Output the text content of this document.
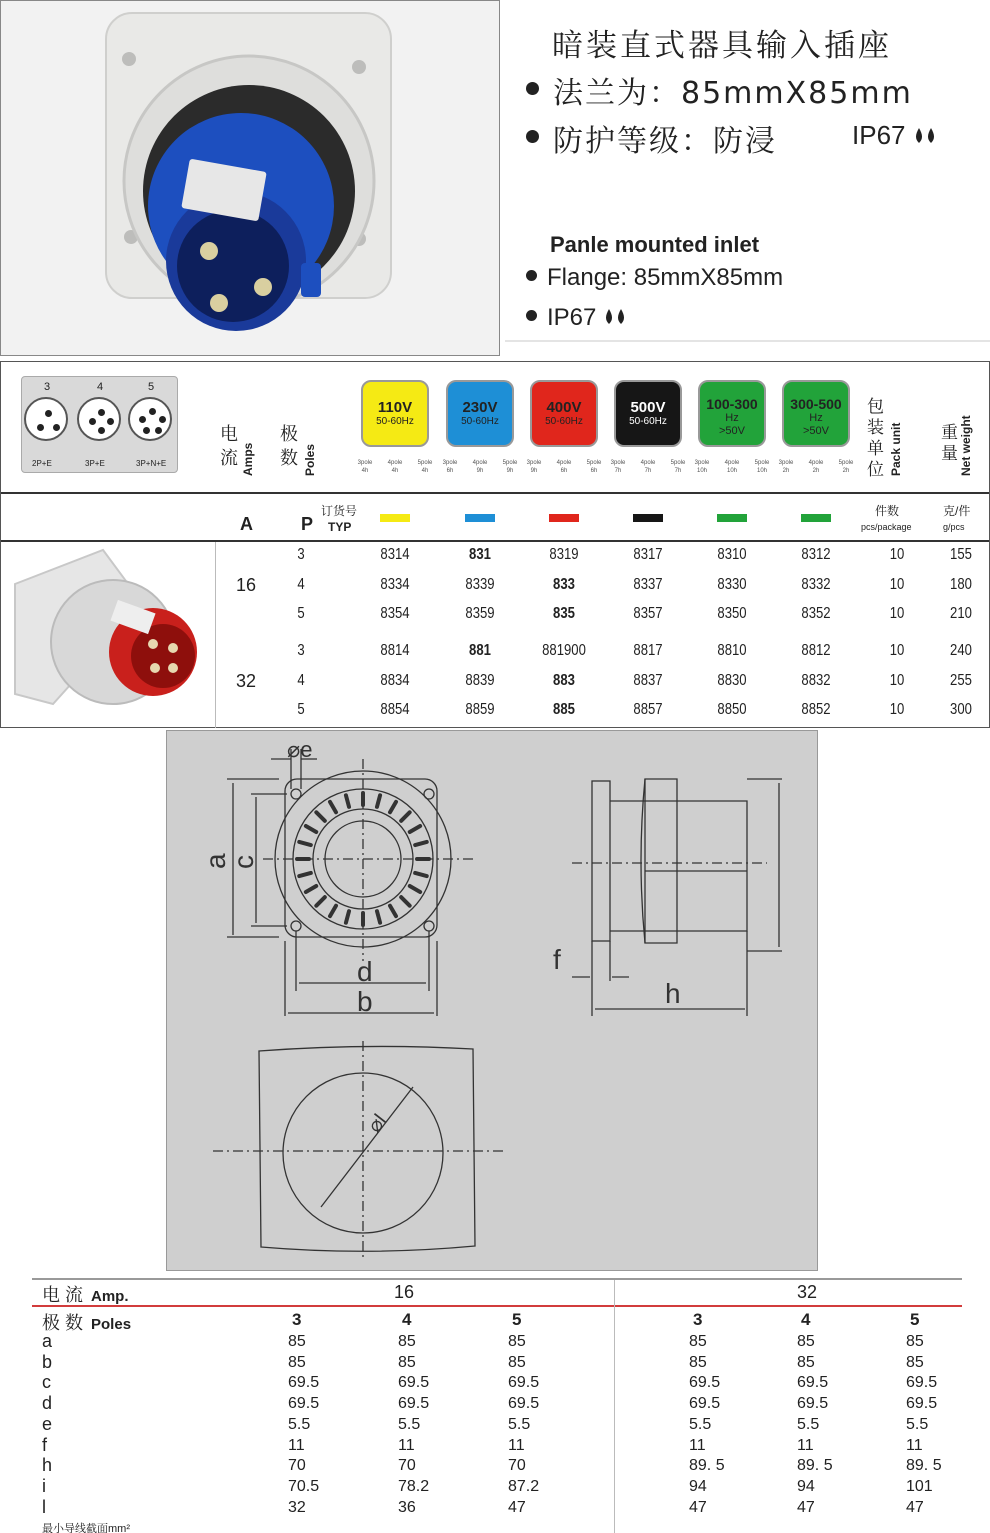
暗装直式器具输入插座
法兰为：85mmX85mm
防护等级：防浸	IP67
Panle mounted inlet
Flange: 85mmX85mm
IP67
3
2P+E
4
3P+E
5
3P+N+E
电流 Amps
极数 Poles
110V
50-60Hz
3pole
4h
4pole
4h
5pole
4h
230V
50-60Hz
3pole
6h
4pole
9h
5pole
9h
400V
50-60Hz
3pole
9h
4pole
6h
5pole
6h
500V
50-60Hz
3pole
7h
4pole
7h
5pole
7h
100-300
Hz
>50V
3pole
10h
4pole
10h
5pole
10h
300-500
Hz
>50V
3pole
2h
4pole
2h
5pole
2h
包装单位 Pack unit 重量 Net weight
A	P
订货号
TYP
件数
pcs/package
克/件
g/pcs
16
3	8314	831	8319	8317	8310	8312	10	155
4	8334	8339	833	8337	8330	8332	10	180
5	8354	8359	835	8357	8350	8352	10	210
32
3	8814	881	881900	8817	8810	8812	10	240
4	8834	8839	883	8837	8830	8832	10	255
5	8854	8859	885	8857	8850	8852	10	300
⌀e
a
c
d
b
f
h
⌀l
电 流 Amp.
极 数 Poles
16	32
3	4	5	3	4	5
a	85	85	85	85	85	85
b	85	85	85	85	85	85
c	69.5	69.5	69.5	69.5	69.5	69.5
d	69.5	69.5	69.5	69.5	69.5	69.5
e	5.5	5.5	5.5	5.5	5.5	5.5
f	11	11	11	11	11	11
h	70	70	70	89. 5	89. 5	89. 5
i	70.5	78.2	87.2	94	94	101
l	32	36	47	47	47	47
最小导线截面mm²
